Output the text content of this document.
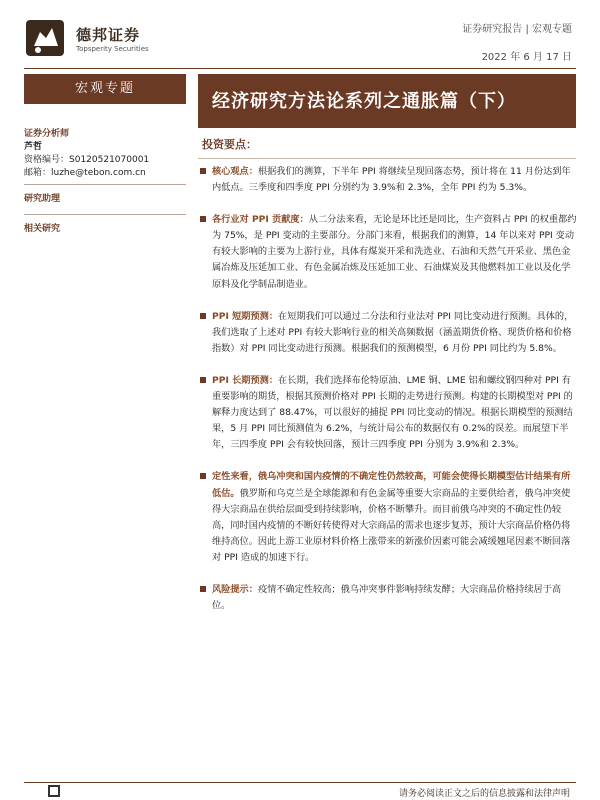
德邦证券
Topsperity Securities
证券研究报告 | 宏观专题
2022 年 6 月 17 日
宏观专题
经济研究方法论系列之通胀篇（下）
证券分析师
芦哲
资格编号：S0120521070001
邮箱：luzhe@tebon.com.cn
研究助理
相关研究
投资要点：
核心观点：根据我们的测算，下半年 PPI 将继续呈现回落态势，预计将在 11 月份达到年内低点。三季度和四季度 PPI 分别约为 3.9%和 2.3%，全年 PPI 约为 5.3%。
各行业对 PPI 贡献度：从二分法来看，无论是环比还是同比，生产资料占 PPI 的权重都约为 75%，是 PPI 变动的主要部分。分部门来看，根据我们的测算，14 年以来对 PPI 变动有较大影响的主要为上游行业，具体有煤炭开采和洗选业、石油和天然气开采业、黑色金属冶炼及压延加工业、有色金属冶炼及压延加工业、石油煤炭及其他燃料加工业以及化学原料及化学制品制造业。
PPI 短期预测：在短期我们可以通过二分法和行业法对 PPI 同比变动进行预测。具体的，我们选取了上述对 PPI 有较大影响行业的相关高频数据（涵盖期货价格、现货价格和价格指数）对 PPI 同比变动进行预测。根据我们的预测模型，6 月份 PPI 同比约为 5.8%。
PPI 长期预测：在长期，我们选择布伦特原油、LME 铜、LME 铝和螺纹钢四种对 PPI 有重要影响的期货，根据其预测价格对 PPI 长期的走势进行预测。构建的长期模型对 PPI 的解释力度达到了 88.47%，可以很好的捕捉 PPI 同比变动的情况。根据长期模型的预测结果，5 月 PPI 同比预测值为 6.2%，与统计局公布的数据仅有 0.2%的误差。而展望下半年，三四季度 PPI 会有较快回落，预计三四季度 PPI 分别为 3.9%和 2.3%。
定性来看，俄乌冲突和国内疫情的不确定性仍然较高，可能会使得长期模型估计结果有所低估。俄罗斯和乌克兰是全球能源和有色金属等重要大宗商品的主要供给者，俄乌冲突使得大宗商品在供给层面受到持续影响，价格不断攀升。而目前俄乌冲突的不确定性仍较高，同时国内疫情的不断好转使得对大宗商品的需求也逐步复苏，预计大宗商品价格仍将维持高位。因此上游工业原材料价格上涨带来的新涨价因素可能会减缓翘尾因素不断回落对 PPI 造成的加速下行。
风险提示：疫情不确定性较高；俄乌冲突事件影响持续发酵；大宗商品价格持续居于高位。
请务必阅读正文之后的信息披露和法律声明
